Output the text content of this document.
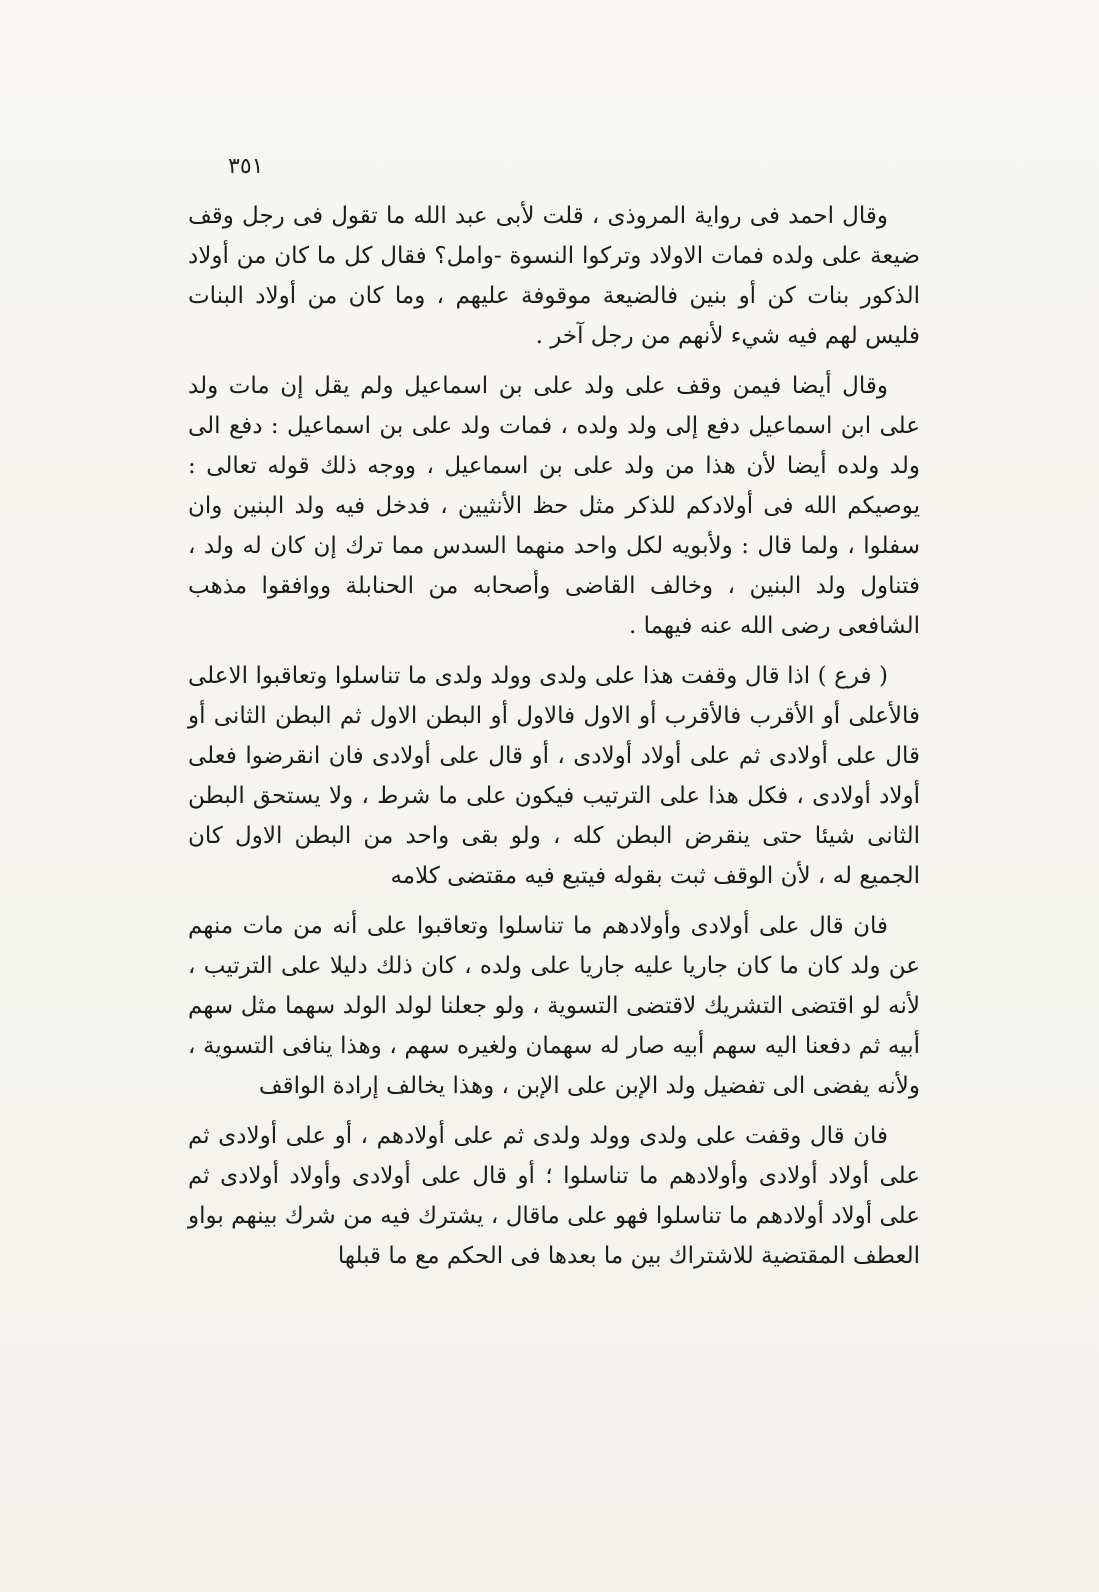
٣٥١

وقال احمد فى رواية المروذى ، قلت لأبى عبد الله ما تقول فى رجل وقف ضيعة على ولده فمات الاولاد وتركوا النسوة -وامل؟ فقال كل ما كان من أولاد الذكور بنات كن أو بنين فالضيعة موقوفة عليهم ، وما كان من أولاد البنات فليس لهم فيه شيء لأنهم من رجل آخر .

وقال أيضا فيمن وقف على ولد على بن اسماعيل ولم يقل إن مات ولد على ابن اسماعيل دفع إلى ولد ولده ، فمات ولد على بن اسماعيل : دفع الى ولد ولده أيضا لأن هذا من ولد على بن اسماعيل ، ووجه ذلك قوله تعالى : يوصيكم الله فى أولادكم للذكر مثل حظ الأنثيين ، فدخل فيه ولد البنين وان سفلوا ، ولما قال : ولأبويه لكل واحد منهما السدس مما ترك إن كان له ولد ، فتناول ولد البنين ، وخالف القاضى وأصحابه من الحنابلة ووافقوا مذهب الشافعى رضى الله عنه فيهما .

( فرع ) اذا قال وقفت هذا على ولدى وولد ولدى ما تناسلوا وتعاقبوا الاعلى فالأعلى أو الأقرب فالأقرب أو الاول فالاول أو البطن الاول ثم البطن الثانى أو قال على أولادى ثم على أولاد أولادى ، أو قال على أولادى فان انقرضوا فعلى أولاد أولادى ، فكل هذا على الترتيب فيكون على ما شرط ، ولا يستحق البطن الثانى شيئا حتى ينقرض البطن كله ، ولو بقى واحد من البطن الاول كان الجميع له ، لأن الوقف ثبت بقوله فيتبع فيه مقتضى كلامه

فان قال على أولادى وأولادهم ما تناسلوا وتعاقبوا على أنه من مات منهم عن ولد كان ما كان جاريا عليه جاريا على ولده ، كان ذلك دليلا على الترتيب ، لأنه لو اقتضى التشريك لاقتضى التسوية ، ولو جعلنا لولد الولد سهما مثل سهم أبيه ثم دفعنا اليه سهم أبيه صار له سهمان ولغيره سهم ، وهذا ينافى التسوية ، ولأنه يفضى الى تفضيل ولد الإبن على الإبن ، وهذا يخالف إرادة الواقف

فان قال وقفت على ولدى وولد ولدى ثم على أولادهم ، أو على أولادى ثم على أولاد أولادى وأولادهم ما تناسلوا ؛ أو قال على أولادى وأولاد أولادى ثم على أولاد أولادهم ما تناسلوا فهو على ماقال ، يشترك فيه من شرك بينهم بواو العطف المقتضية للاشتراك بين ما بعدها فى الحكم مع ما قبلها
